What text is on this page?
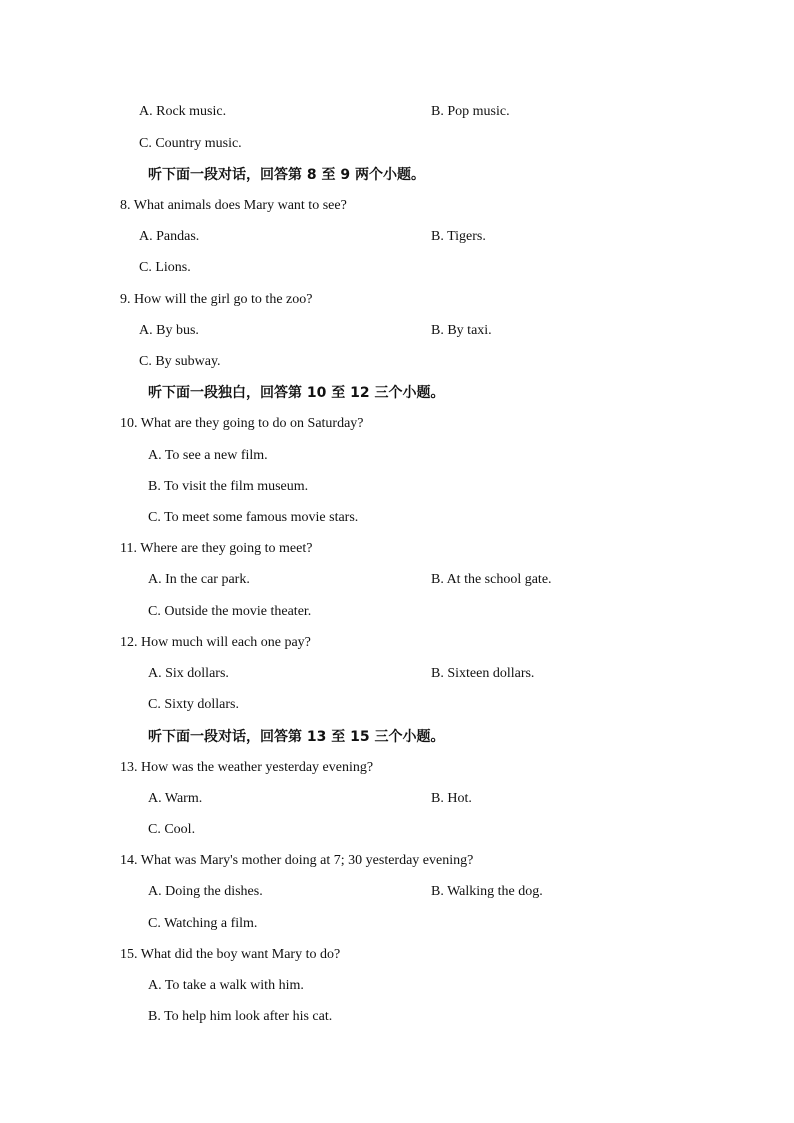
A. Rock music.	B. Pop music.
C. Country music.
听下面一段对话，回答第 8 至 9 两个小题。
8. What animals does Mary want to see?
A. Pandas.	B. Tigers.
C. Lions.
9. How will the girl go to the zoo?
A. By bus.	B. By taxi.
C. By subway.
听下面一段独白，回答第 10 至 12 三个小题。
10. What are they going to do on Saturday?
A. To see a new film.
B. To visit the film museum.
C. To meet some famous movie stars.
11. Where are they going to meet?
A. In the car park.	B. At the school gate.
C. Outside the movie theater.
12. How much will each one pay?
A. Six dollars.	B. Sixteen dollars.
C. Sixty dollars.
听下面一段对话，回答第 13 至 15 三个小题。
13. How was the weather yesterday evening?
A. Warm.	B. Hot.
C. Cool.
14. What was Mary's mother doing at 7; 30 yesterday evening?
A. Doing the dishes.	B. Walking the dog.
C. Watching a film.
15. What did the boy want Mary to do?
A. To take a walk with him.
B. To help him look after his cat.
